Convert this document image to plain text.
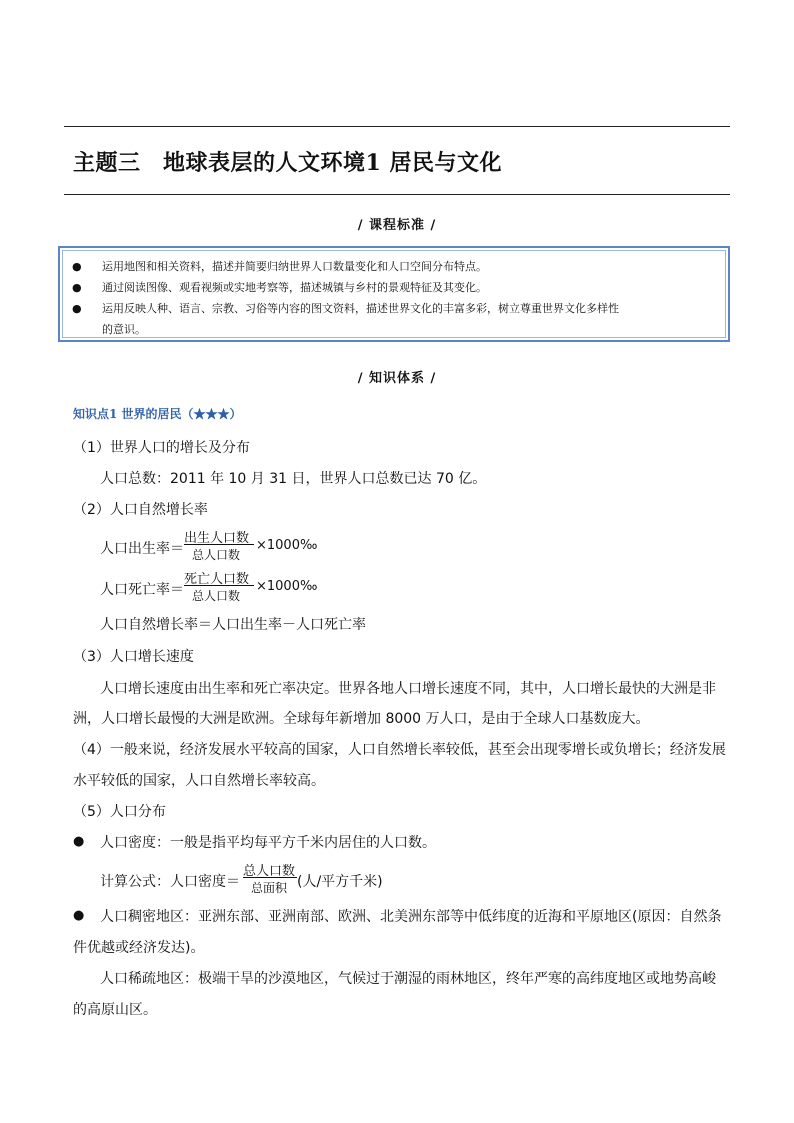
主题三　地球表层的人文环境1 居民与文化
/ 课程标准 /
● 运用地图和相关资料，描述并简要归纳世界人口数量变化和人口空间分布特点。
● 通过阅读图像、观看视频或实地考察等，描述城镇与乡村的景观特征及其变化。
● 运用反映人种、语言、宗教、习俗等内容的图文资料，描述世界文化的丰富多彩，树立尊重世界文化多样性
的意识。
/ 知识体系 /
知识点1 世界的居民（★★★）
（1）世界人口的增长及分布
人口总数：2011 年 10 月 31 日，世界人口总数已达 70 亿。
（2）人口自然增长率
人口出生率＝
出生人口数
总人口数
×1000‰
人口死亡率＝
死亡人口数
总人口数
×1000‰
人口自然增长率＝人口出生率－人口死亡率
（3）人口增长速度
人口增长速度由出生率和死亡率决定。世界各地人口增长速度不同，其中，人口增长最快的大洲是非
洲，人口增长最慢的大洲是欧洲。全球每年新增加 8000 万人口，是由于全球人口基数庞大。
（4）一般来说，经济发展水平较高的国家，人口自然增长率较低，甚至会出现零增长或负增长；经济发展
水平较低的国家，人口自然增长率较高。
（5）人口分布
● 人口密度：一般是指平均每平方千米内居住的人口数。
计算公式：人口密度＝
总人口数
总面积 (人/平方千米)
● 人口稠密地区：亚洲东部、亚洲南部、欧洲、北美洲东部等中低纬度的近海和平原地区(原因：自然条
件优越或经济发达)。
人口稀疏地区：极端干旱的沙漠地区，气候过于潮湿的雨林地区，终年严寒的高纬度地区或地势高峻
的高原山区。
